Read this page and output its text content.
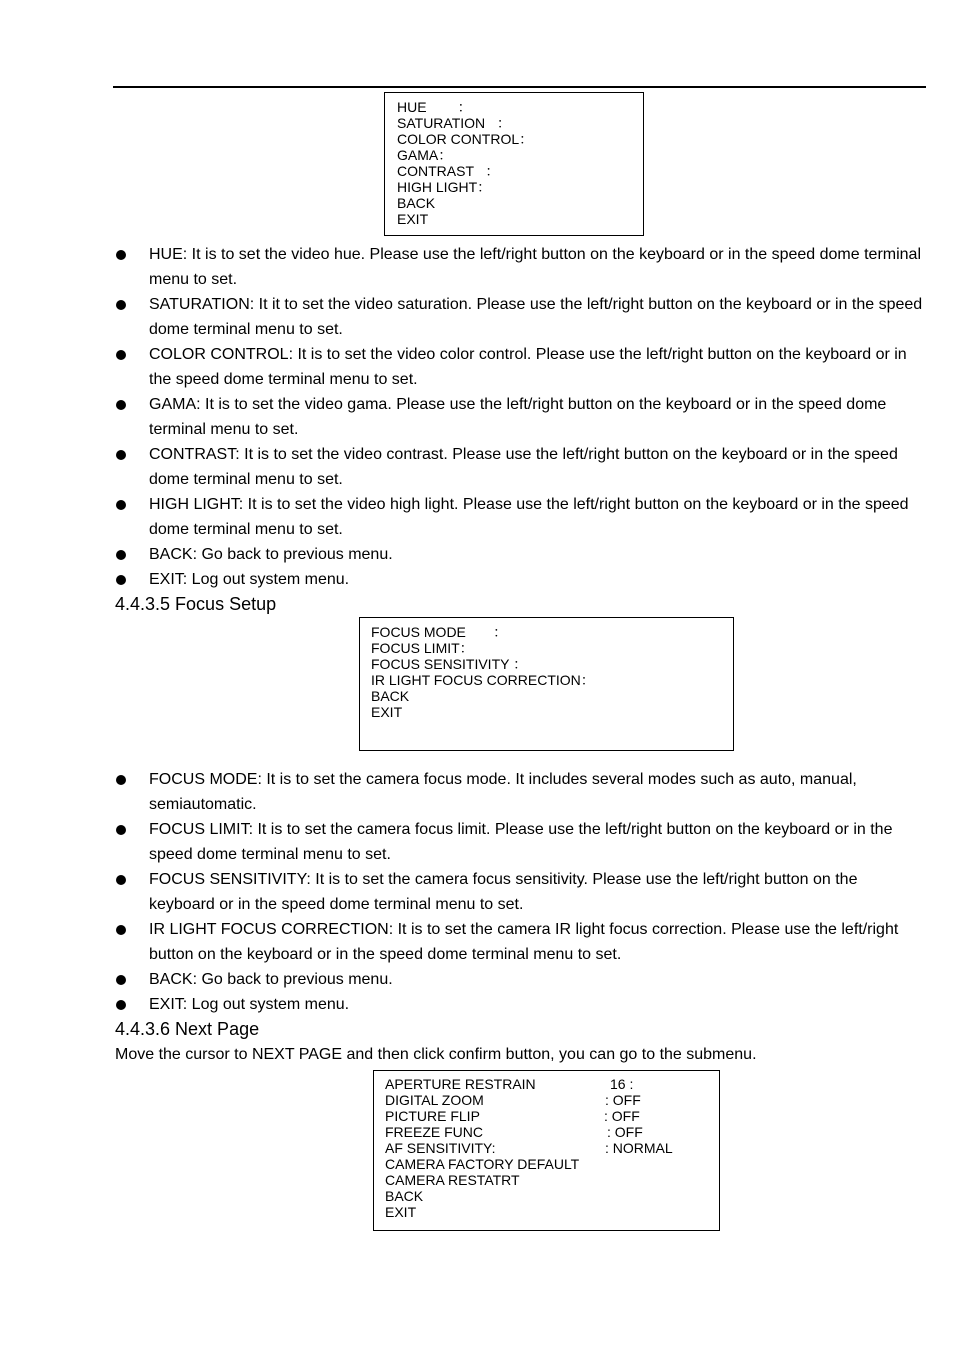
HUE        ：
SATURATION   ：
COLOR CONTROL：
GAMA：
CONTRAST   ：
HIGH LIGHT：
BACK
EXIT
HUE: It is to set the video hue. Please use the left/right button on the keyboard or in the speed dome terminal menu to set.
SATURATION: It it to set the video saturation. Please use the left/right button on the keyboard or in the speed dome terminal menu to set.
COLOR CONTROL: It is to set the video color control. Please use the left/right button on the keyboard or in the speed dome terminal menu to set.
GAMA: It is to set the video gama. Please use the left/right button on the keyboard or in the speed dome terminal menu to set.
CONTRAST: It is to set the video contrast. Please use the left/right button on the keyboard or in the speed dome terminal menu to set.
HIGH LIGHT: It is to set the video high light. Please use the left/right button on the keyboard or in the speed dome terminal menu to set.
BACK: Go back to previous menu.
EXIT: Log out system menu.
4.4.3.5 Focus Setup
FOCUS MODE       ：
FOCUS LIMIT：
FOCUS SENSITIVITY ：
IR LIGHT FOCUS CORRECTION：
BACK
EXIT
FOCUS MODE: It is to set the camera focus mode. It includes several modes such as auto, manual, semiautomatic.
FOCUS LIMIT: It is to set the camera focus limit. Please use the left/right button on the keyboard or in the speed dome terminal menu to set.
FOCUS SENSITIVITY: It is to set the camera focus sensitivity. Please use the left/right button on the keyboard or in the speed dome terminal menu to set.
IR LIGHT FOCUS CORRECTION: It is to set the camera IR light focus correction. Please use the left/right button on the keyboard or in the speed dome terminal menu to set.
BACK: Go back to previous menu.
EXIT: Log out system menu.
4.4.3.6 Next Page
Move the cursor to NEXT PAGE and then click confirm button, you can go to the submenu.
APERTURE RESTRAIN	16 :
DIGITAL ZOOM	: OFF
PICTURE FLIP	: OFF
FREEZE FUNC	: OFF
AF SENSITIVITY:	: NORMAL
CAMERA FACTORY DEFAULT
CAMERA RESTATRT
BACK
EXIT
